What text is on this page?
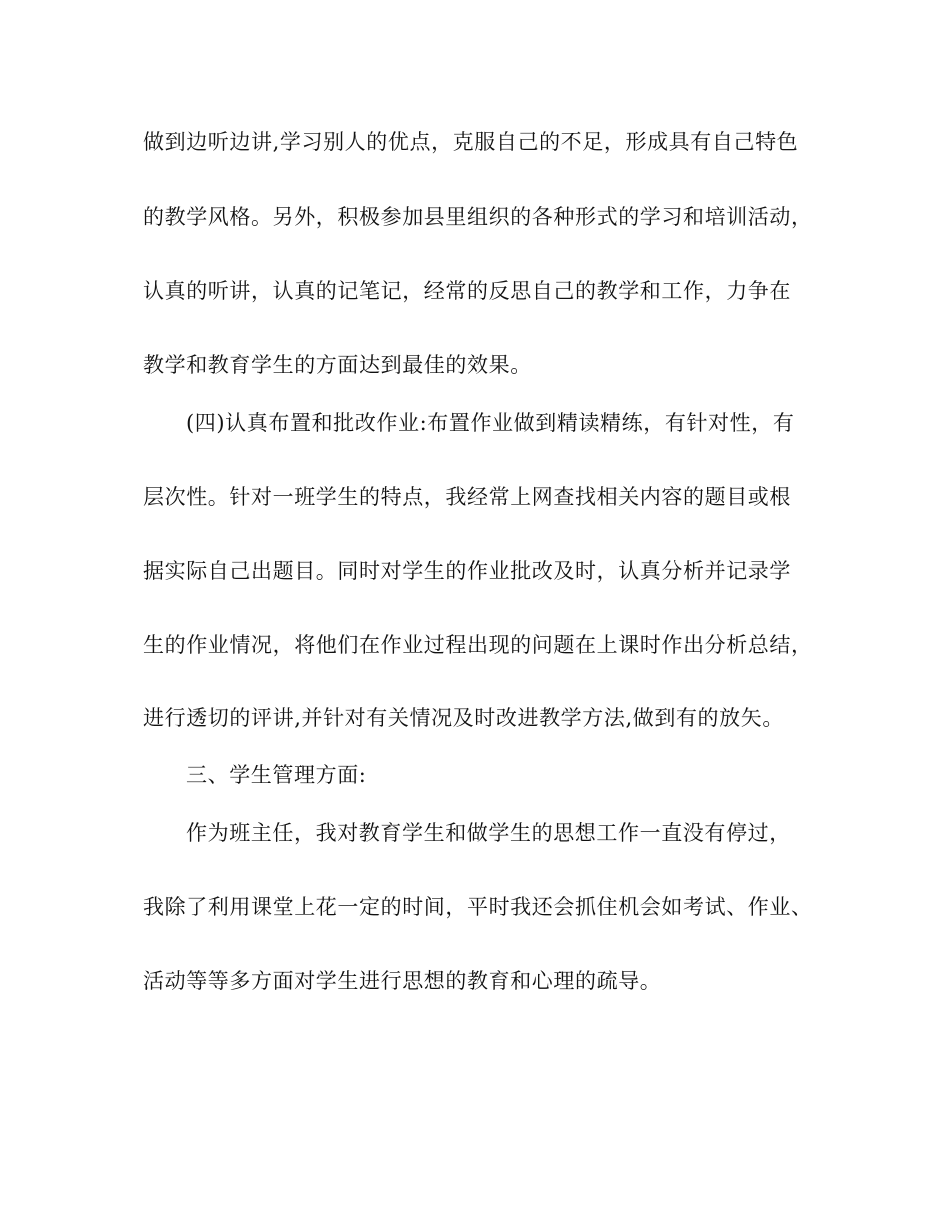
做到边听边讲,学习别人的优点，克服自己的不足，形成具有自己特色
的教学风格。另外，积极参加县里组织的各种形式的学习和培训活动，
认真的听讲，认真的记笔记，经常的反思自己的教学和工作，力争在
教学和教育学生的方面达到最佳的效果。
(四)认真布置和批改作业:布置作业做到精读精练，有针对性，有
层次性。针对一班学生的特点，我经常上网查找相关内容的题目或根
据实际自己出题目。同时对学生的作业批改及时，认真分析并记录学
生的作业情况，将他们在作业过程出现的问题在上课时作出分析总结，
进行透切的评讲,并针对有关情况及时改进教学方法,做到有的放矢。
三、学生管理方面:
作为班主任，我对教育学生和做学生的思想工作一直没有停过，
我除了利用课堂上花一定的时间，平时我还会抓住机会如考试、作业、
活动等等多方面对学生进行思想的教育和心理的疏导。
